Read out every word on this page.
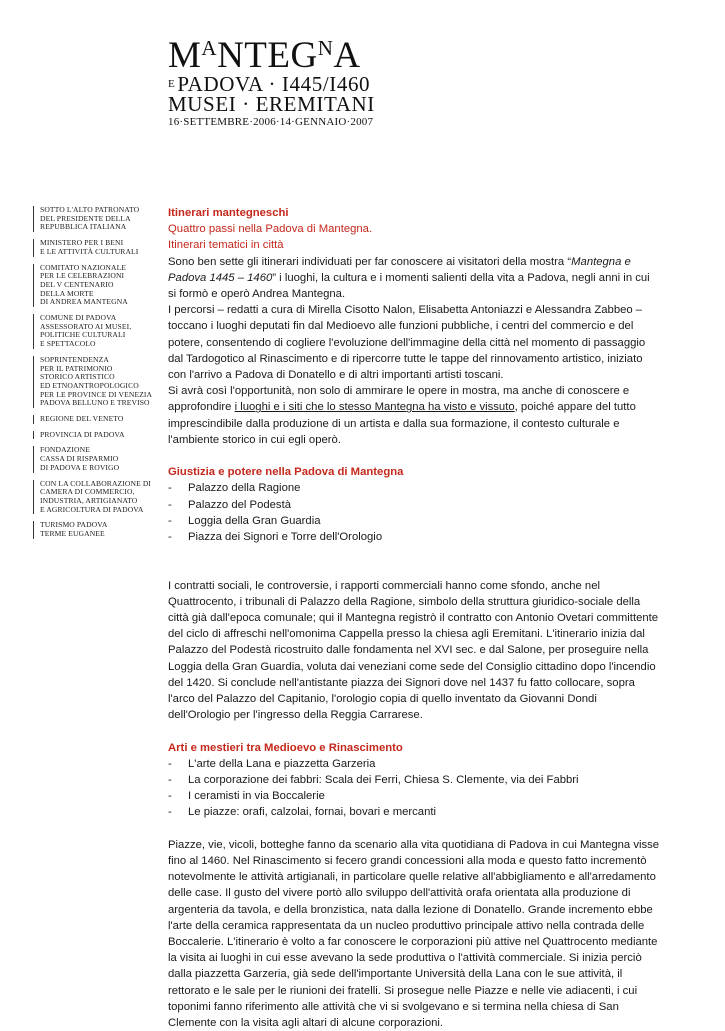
$M^ANTEG^NA$
EPADOVA · I445/I460
MUSEI · EREMITANI
16·SETTEMBRE·2006·14·GENNAIO·2007
SOTTO L'ALTO PATRONATO
DEL PRESIDENTE DELLA
REPUBBLICA ITALIANA
MINISTERO PER I BENI
E LE ATTIVITÀ CULTURALI
COMITATO NAZIONALE
PER LE CELEBRAZIONI
DEL V CENTENARIO
DELLA MORTE
DI ANDREA MANTEGNA
COMUNE DI PADOVA
ASSESSORATO AI MUSEI,
POLITICHE CULTURALI
E SPETTACOLO
SOPRINTENDENZA
PER IL PATRIMONIO
STORICO ARTISTICO
ED ETNOANTROPOLOGICO
PER LE PROVINCE DI VENEZIA
PADOVA BELLUNO E TREVISO
REGIONE DEL VENETO
PROVINCIA DI PADOVA
FONDAZIONE
CASSA DI RISPARMIO
DI PADOVA E ROVIGO
CON LA COLLABORAZIONE DI
CAMERA DI COMMERCIO,
INDUSTRIA, ARTIGIANATO
E AGRICOLTURA DI PADOVA
TURISMO PADOVA
TERME EUGANEE
Itinerari mantegneschi
Quattro passi nella Padova di Mantegna.
Itinerari tematici in città

Sono ben sette gli itinerari individuati per far conoscere ai visitatori della mostra “Mantegna e Padova 1445 – 1460” i luoghi, la cultura e i momenti salienti della vita a Padova, negli anni in cui si formò e operò Andrea Mantegna.

I percorsi – redatti a cura di Mirella Cisotto Nalon, Elisabetta Antoniazzi e Alessandra Zabbeo – toccano i luoghi deputati fin dal Medioevo alle funzioni pubbliche, i centri del commercio e del potere, consentendo di cogliere l'evoluzione dell'immagine della città nel momento di passaggio dal Tardogotico al Rinascimento e di ripercorre tutte le tappe del rinnovamento artistico, iniziato con l'arrivo a Padova di Donatello e di altri importanti artisti toscani.

Si avrà così l'opportunità, non solo di ammirare le opere in mostra, ma anche di conoscere e approfondire i luoghi e i siti che lo stesso Mantegna ha visto e vissuto, poiché appare del tutto imprescindibile dalla produzione di un artista e dalla sua formazione, il contesto culturale e l'ambiente storico in cui egli operò.

Giustizia e potere nella Padova di Mantegna
- Palazzo della Ragione
- Palazzo del Podestà
- Loggia della Gran Guardia
- Piazza dei Signori e Torre dell'Orologio

I contratti sociali, le controversie, i rapporti commerciali hanno come sfondo, anche nel Quattrocento, i tribunali di Palazzo della Ragione, simbolo della struttura giuridico-sociale della città già dall'epoca comunale; qui il Mantegna registrò il contratto con Antonio Ovetari committente del ciclo di affreschi nell'omonima Cappella presso la chiesa agli Eremitani. L'itinerario inizia dal Palazzo del Podestà ricostruito dalle fondamenta nel XVI sec. e dal Salone, per proseguire nella Loggia della Gran Guardia, voluta dai veneziani come sede del Consiglio cittadino dopo l'incendio del 1420. Si conclude nell'antistante piazza dei Signori dove nel 1437 fu fatto collocare, sopra l'arco del Palazzo del Capitanio, l'orologio copia di quello inventato da Giovanni Dondi dell'Orologio per l'ingresso della Reggia Carrarese.

Arti e mestieri tra Medioevo e Rinascimento
- L'arte della Lana e piazzetta Garzeria
- La corporazione dei fabbri: Scala dei Ferri, Chiesa S. Clemente, via dei Fabbri
- I ceramisti in via Boccalerie
- Le piazze: orafi, calzolai, fornai, bovari e mercanti

Piazze, vie, vicoli, botteghe fanno da scenario alla vita quotidiana di Padova in cui Mantegna visse fino al 1460. Nel Rinascimento si fecero grandi concessioni alla moda e questo fatto incrementò notevolmente le attività artigianali, in particolare quelle relative all'abbigliamento e all'arredamento delle case. Il gusto del vivere portò allo sviluppo dell'attività orafa orientata alla produzione di argenteria da tavola, e della bronzistica, nata dalla lezione di Donatello. Grande incremento ebbe l'arte della ceramica rappresentata da un nucleo produttivo principale attivo nella contrada delle Boccalerie. L'itinerario è volto a far conoscere le corporazioni più attive nel Quattrocento mediante la visita ai luoghi in cui esse avevano la sede produttiva o l'attività commerciale. Si inizia perciò dalla piazzetta Garzeria, già sede dell'importante Università della Lana con le sue attività, il rettorato e le sale per le riunioni dei fratelli. Si prosegue nelle Piazze e nelle vie adiacenti, i cui toponimi fanno riferimento alle attività che vi si svolgevano e si termina nella chiesa di San Clemente con la visita agli altari di alcune corporazioni.
